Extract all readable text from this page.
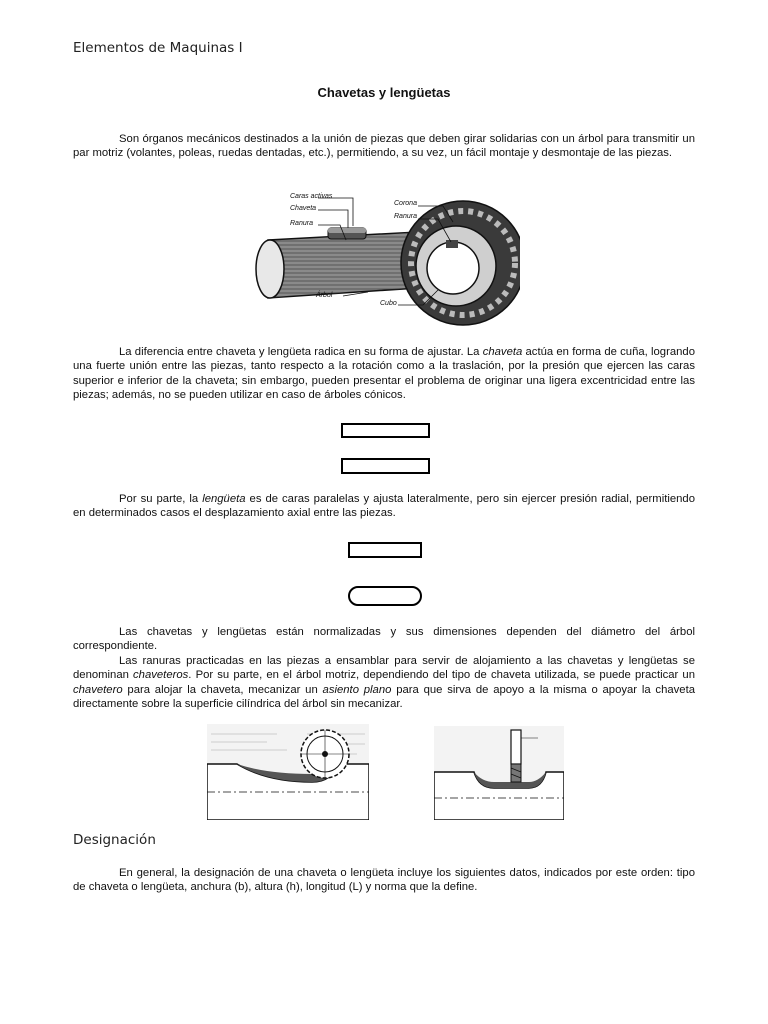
Elementos de Maquinas I
Chavetas y lengüetas

Son órganos mecánicos destinados a la unión de piezas que deben girar solidarias con un árbol para transmitir un par motriz (volantes, poleas, ruedas dentadas, etc.), permitiendo, a su vez, un fácil montaje y desmontaje de las piezas.

Caras activas
Chaveta
Ranura
Árbol
Corona
Ranura
Cubo

La diferencia entre chaveta y lengüeta radica en su forma de ajustar. La chaveta actúa en forma de cuña, logrando una fuerte unión entre las piezas, tanto respecto a la rotación como a la traslación, por la presión que ejercen las caras superior e inferior de la chaveta; sin embargo, pueden presentar el problema de originar una ligera excentricidad entre las piezas; además, no se pueden utilizar en caso de árboles cónicos.

Por su parte, la lengüeta es de caras paralelas y ajusta lateralmente, pero sin ejercer presión radial, permitiendo en determinados casos el desplazamiento axial entre las piezas.

Las chavetas y lengüetas están normalizadas y sus dimensiones dependen del diámetro del árbol correspondiente.

Las ranuras practicadas en las piezas a ensamblar para servir de alojamiento a las chavetas y lengüetas se denominan chaveteros. Por su parte, en el árbol motriz, dependiendo del tipo de chaveta utilizada, se puede practicar un chavetero para alojar la chaveta, mecanizar un asiento plano para que sirva de apoyo a la misma o apoyar la chaveta directamente sobre la superficie cilíndrica del árbol sin mecanizar.

Designación

En general, la designación de una chaveta o lengüeta incluye los siguientes datos, indicados por este orden: tipo de chaveta o lengüeta, anchura (b), altura (h), longitud (L) y norma que la define.
